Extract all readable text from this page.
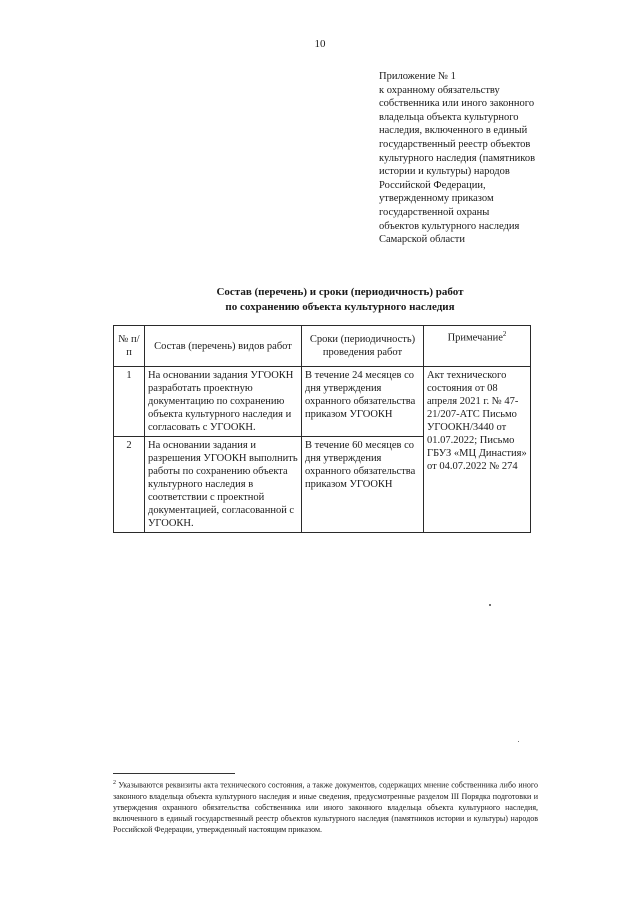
10
Приложение № 1
к охранному обязательству
собственника или иного законного
владельца объекта культурного
наследия, включенного в единый
государственный реестр объектов
культурного наследия (памятников
истории и культуры) народов
Российской Федерации,
утвержденному приказом
государственной охраны
объектов культурного наследия
Самарской области
Состав (перечень) и сроки (периодичность) работ
по сохранению объекта культурного наследия
№ п/п	Состав (перечень) видов работ	Сроки (периодичность) проведения работ	Примечание$^2$
1	На основании задания УГООКН разработать проектную документацию по сохранению объекта культурного наследия и согласовать с УГООКН.	В течение 24 месяцев со дня утверждения охранного обязательства приказом УГООКН	Акт технического состояния от 08 апреля 2021 г. № 47-21/207-АТС Письмо УГООКН/3440 от 01.07.2022; Письмо ГБУЗ «МЦ Династия» от 04.07.2022 № 274
2	На основании задания и разрешения УГООКН выполнить работы по сохранению объекта культурного наследия в соответствии с проектной документацией, согласованной с УГООКН.	В течение 60 месяцев со дня утверждения охранного обязательства приказом УГООКН	
$^2$ Указываются реквизиты акта технического состояния, а также документов, содержащих мнение собственника либо иного законного владельца объекта культурного наследия и иные сведения, предусмотренные разделом III Порядка подготовки и утверждения охранного обязательства собственника или иного законного владельца объекта культурного наследия, включенного в единый государственный реестр объектов культурного наследия (памятников истории и культуры) народов Российской Федерации, утвержденный настоящим приказом.
